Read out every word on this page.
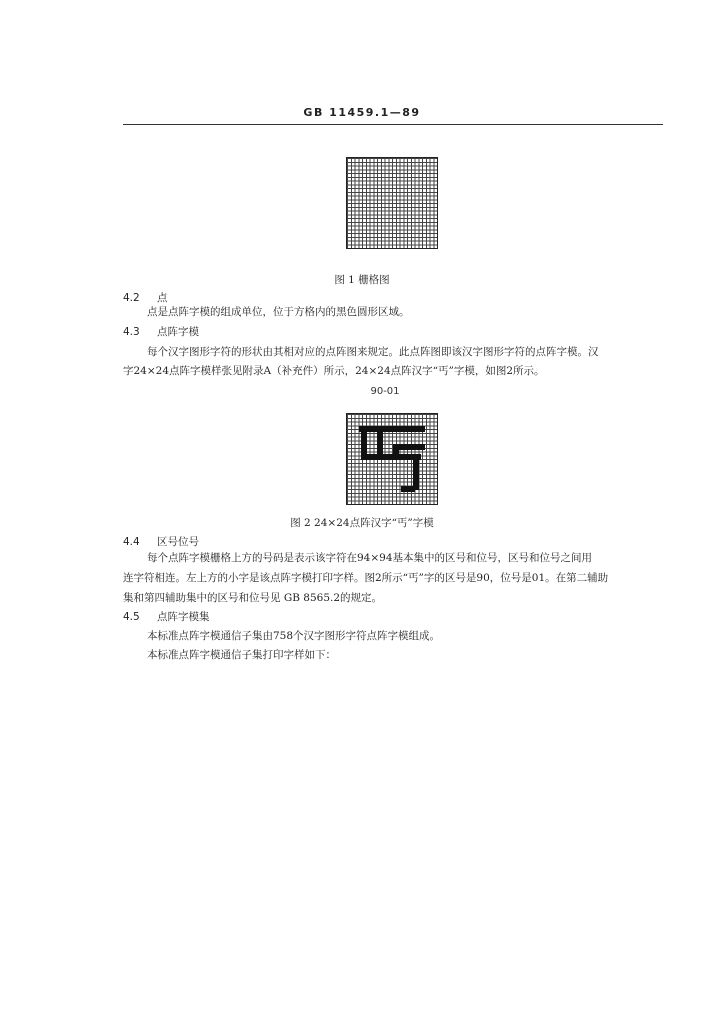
GB 11459.1—89
图 1 栅格图
4.2 点
点是点阵字模的组成单位，位于方格内的黑色圆形区域。
4.3 点阵字模
每个汉字图形字符的形状由其相对应的点阵图来规定。此点阵图即该汉字图形字符的点阵字模。汉
字24×24点阵字模样张见附录A（补充件）所示，24×24点阵汉字“丐”字模，如图2所示。
90-01
图 2 24×24点阵汉字“丐”字模
4.4 区号位号
每个点阵字模栅格上方的号码是表示该字符在94×94基本集中的区号和位号，区号和位号之间用
连字符相连。左上方的小字是该点阵字模打印字样。图2所示“丐”字的区号是90，位号是01。在第二辅助
集和第四辅助集中的区号和位号见 GB 8565.2的规定。
4.5 点阵字模集
本标准点阵字模通信子集由758个汉字图形字符点阵字模组成。
本标准点阵字模通信子集打印字样如下：
